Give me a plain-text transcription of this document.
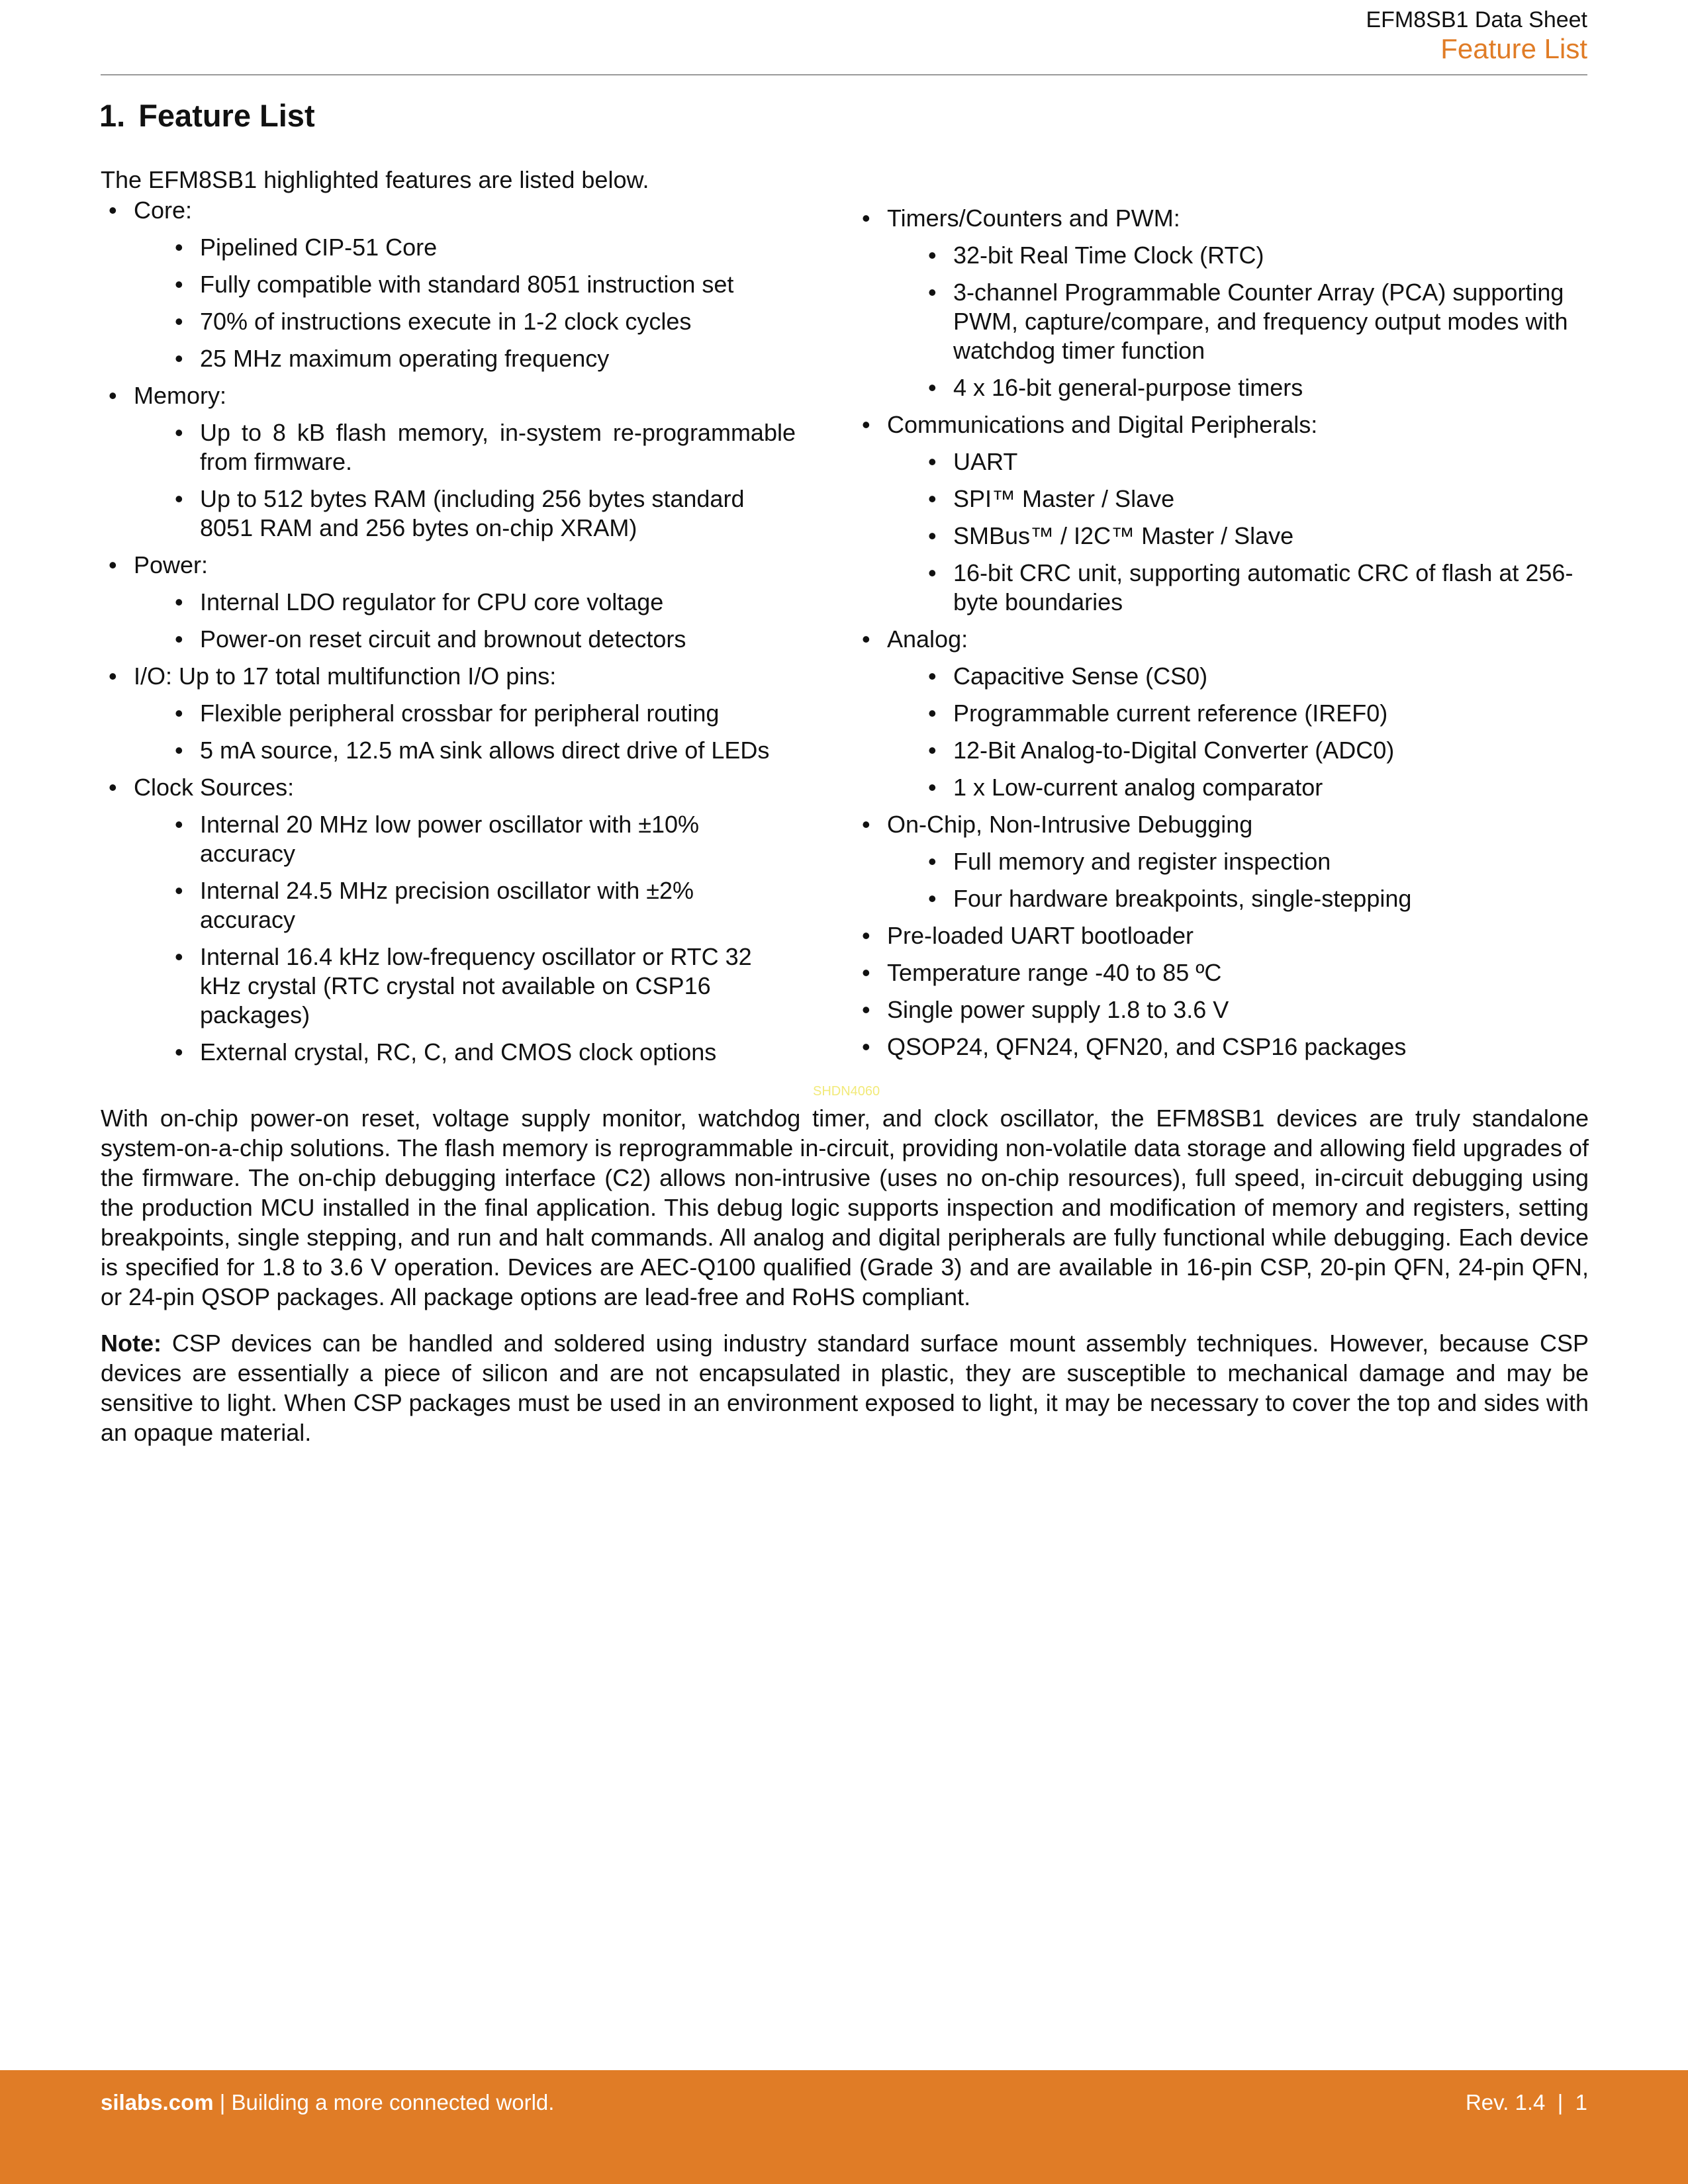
EFM8SB1 Data Sheet
Feature List
1. Feature List
The EFM8SB1 highlighted features are listed below.
• Core:
• Pipelined CIP-51 Core
• Fully compatible with standard 8051 instruction set
• 70% of instructions execute in 1-2 clock cycles
• 25 MHz maximum operating frequency
• Memory:
• Up to 8 kB flash memory, in-system re-programmable from firmware.
• Up to 512 bytes RAM (including 256 bytes standard 8051 RAM and 256 bytes on-chip XRAM)
• Power:
• Internal LDO regulator for CPU core voltage
• Power-on reset circuit and brownout detectors
• I/O: Up to 17 total multifunction I/O pins:
• Flexible peripheral crossbar for peripheral routing
• 5 mA source, 12.5 mA sink allows direct drive of LEDs
• Clock Sources:
• Internal 20 MHz low power oscillator with ±10% accuracy
• Internal 24.5 MHz precision oscillator with ±2% accuracy
• Internal 16.4 kHz low-frequency oscillator or RTC 32 kHz crystal (RTC crystal not available on CSP16 packages)
• External crystal, RC, C, and CMOS clock options
• Timers/Counters and PWM:
• 32-bit Real Time Clock (RTC)
• 3-channel Programmable Counter Array (PCA) supporting PWM, capture/compare, and frequency output modes with watchdog timer function
• 4 x 16-bit general-purpose timers
• Communications and Digital Peripherals:
• UART
• SPI™ Master / Slave
• SMBus™ / I2C™ Master / Slave
• 16-bit CRC unit, supporting automatic CRC of flash at 256-byte boundaries
• Analog:
• Capacitive Sense (CS0)
• Programmable current reference (IREF0)
• 12-Bit Analog-to-Digital Converter (ADC0)
• 1 x Low-current analog comparator
• On-Chip, Non-Intrusive Debugging
• Full memory and register inspection
• Four hardware breakpoints, single-stepping
• Pre-loaded UART bootloader
• Temperature range -40 to 85 ºC
• Single power supply 1.8 to 3.6 V
• QSOP24, QFN24, QFN20, and CSP16 packages
SHDN4060

With on-chip power-on reset, voltage supply monitor, watchdog timer, and clock oscillator, the EFM8SB1 devices are truly standalone system-on-a-chip solutions. The flash memory is reprogrammable in-circuit, providing non-volatile data storage and allowing field upgrades of the firmware. The on-chip debugging interface (C2) allows non-intrusive (uses no on-chip resources), full speed, in-circuit debugging using the production MCU installed in the final application. This debug logic supports inspection and modification of memory and registers, setting breakpoints, single stepping, and run and halt commands. All analog and digital peripherals are fully functional while debugging. Each device is specified for 1.8 to 3.6 V operation. Devices are AEC-Q100 qualified (Grade 3) and are available in 16-pin CSP, 20-pin QFN, 24-pin QFN, or 24-pin QSOP packages. All package options are lead-free and RoHS compliant.

Note: CSP devices can be handled and soldered using industry standard surface mount assembly techniques. However, because CSP devices are essentially a piece of silicon and are not encapsulated in plastic, they are susceptible to mechanical damage and may be sensitive to light. When CSP packages must be used in an environment exposed to light, it may be necessary to cover the top and sides with an opaque material.

silabs.com | Building a more connected world.	Rev. 1.4  |  1
